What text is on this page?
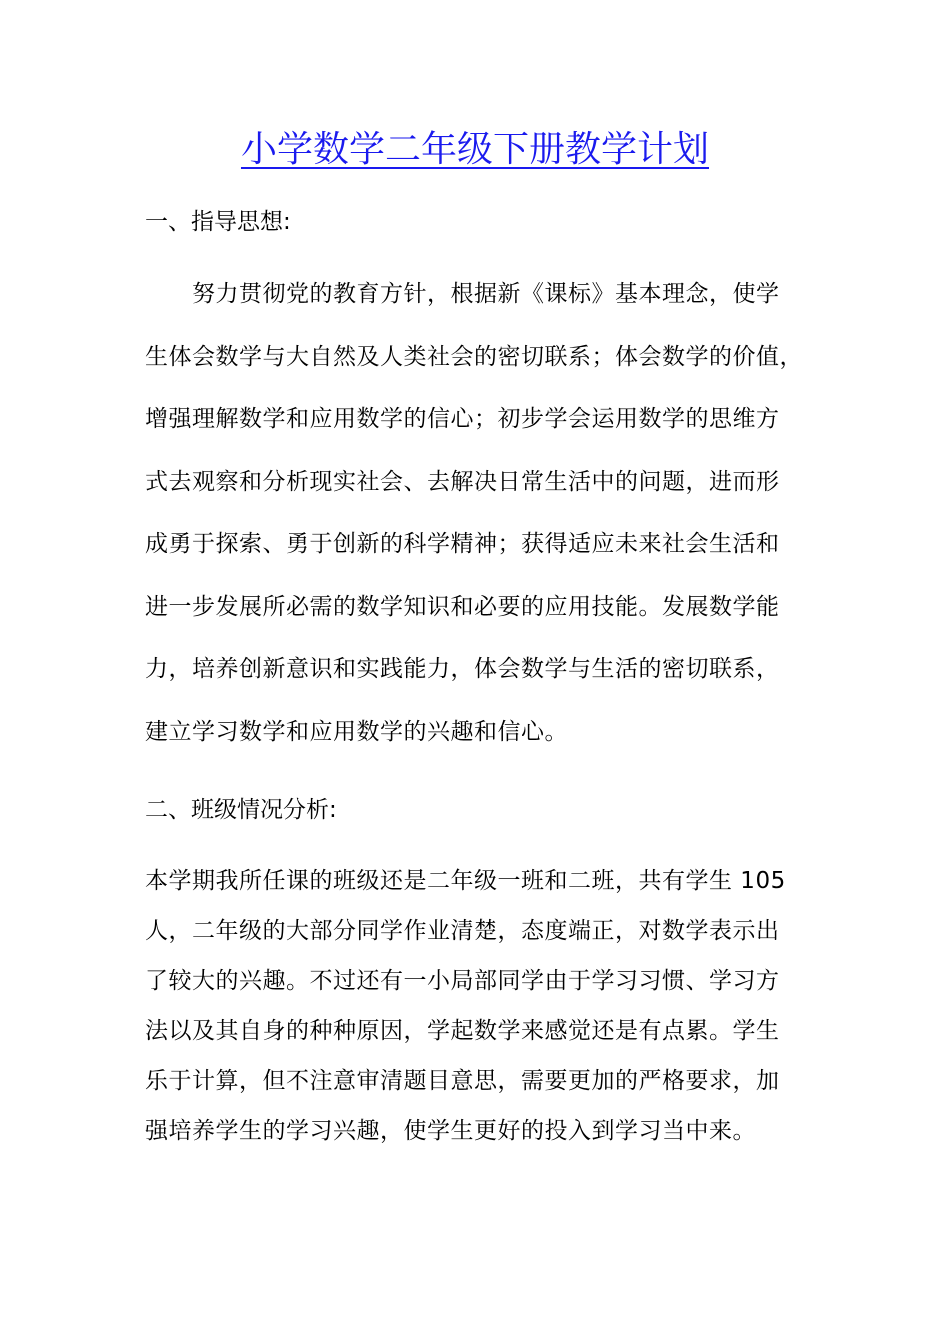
小学数学二年级下册教学计划
一、指导思想:
努力贯彻党的教育方针，根据新《课标》基本理念，使学
生体会数学与大自然及人类社会的密切联系；体会数学的价值，
增强理解数学和应用数学的信心；初步学会运用数学的思维方
式去观察和分析现实社会、去解决日常生活中的问题，进而形
成勇于探索、勇于创新的科学精神；获得适应未来社会生活和
进一步发展所必需的数学知识和必要的应用技能。发展数学能
力，培养创新意识和实践能力，体会数学与生活的密切联系，
建立学习数学和应用数学的兴趣和信心。
二、班级情况分析:
本学期我所任课的班级还是二年级一班和二班，共有学生 105
人，二年级的大部分同学作业清楚，态度端正，对数学表示出
了较大的兴趣。不过还有一小局部同学由于学习习惯、学习方
法以及其自身的种种原因，学起数学来感觉还是有点累。学生
乐于计算，但不注意审清题目意思，需要更加的严格要求，加
强培养学生的学习兴趣，使学生更好的投入到学习当中来。
